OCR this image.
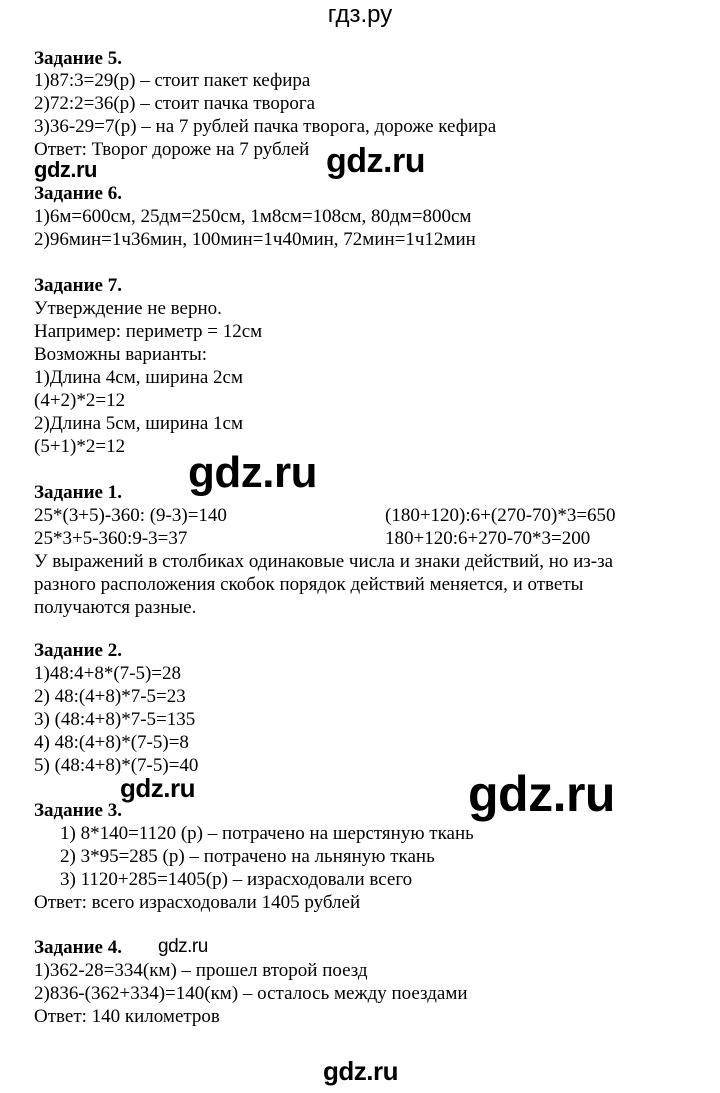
гдз.ру
Задание 5.
1)87:3=29(р) – стоит пакет кефира
2)72:2=36(р) – стоит пачка творога
3)36-29=7(р) – на 7 рублей пачка творога, дороже кефира
Ответ: Творог дороже на 7 рублей
gdz.ru	gdz.ru
Задание 6.
1)6м=600см, 25дм=250см, 1м8см=108см, 80дм=800см
2)96мин=1ч36мин, 100мин=1ч40мин, 72мин=1ч12мин
Задание 7.
Утверждение не верно.
Например: периметр = 12см
Возможны варианты:
1)Длина 4см, ширина 2см
(4+2)*2=12
2)Длина 5см, ширина 1см
(5+1)*2=12
gdz.ru
Задание 1.
25*(3+5)-360: (9-3)=140	(180+120):6+(270-70)*3=650
25*3+5-360:9-3=37	180+120:6+270-70*3=200
У выражений в столбиках одинаковые числа и знаки действий, но из-за
разного расположения скобок порядок действий меняется, и ответы
получаются разные.
Задание 2.
1)48:4+8*(7-5)=28
2) 48:(4+8)*7-5=23
3) (48:4+8)*7-5=135
4) 48:(4+8)*(7-5)=8
5) (48:4+8)*(7-5)=40
gdz.ru	gdz.ru
Задание 3.
1) 8*140=1120 (р) – потрачено на шерстяную ткань
2) 3*95=285 (р) – потрачено на льняную ткань
3) 1120+285=1405(р) – израсходовали всего
Ответ: всего израсходовали 1405 рублей
Задание 4. gdz.ru
1)362-28=334(км) – прошел второй поезд
2)836-(362+334)=140(км) – осталось между поездами
Ответ: 140 километров
gdz.ru
